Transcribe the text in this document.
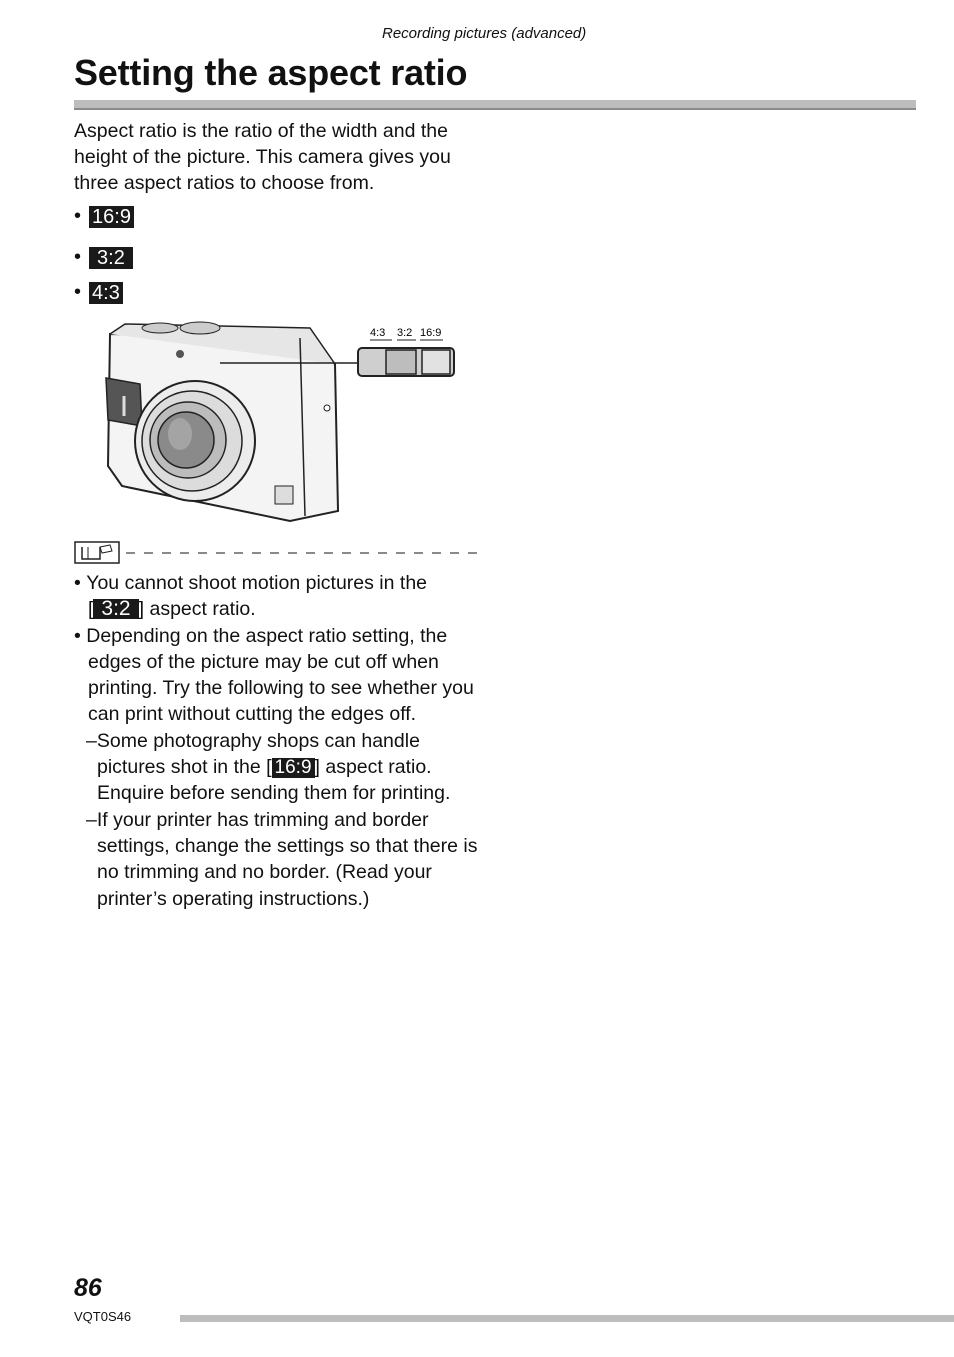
Recording pictures (advanced)
Setting the aspect ratio

Aspect ratio is the ratio of the width and the height of the picture. This camera gives you three aspect ratios to choose from.

• 16:9
• 3:2
• 4:3
4:3 3:2 16:9

• You cannot shoot motion pictures in the
[ 3:2 ] aspect ratio.

• Depending on the aspect ratio setting, the edges of the picture may be cut off when printing. Try the following to see whether you can print without cutting the edges off.

–Some photography shops can handle pictures shot in the [ 16:9 ] aspect ratio. Enquire before sending them for printing.

–If your printer has trimming and border settings, change the settings so that there is no trimming and no border. (Read your printer’s operating instructions.)

86
VQT0S46
